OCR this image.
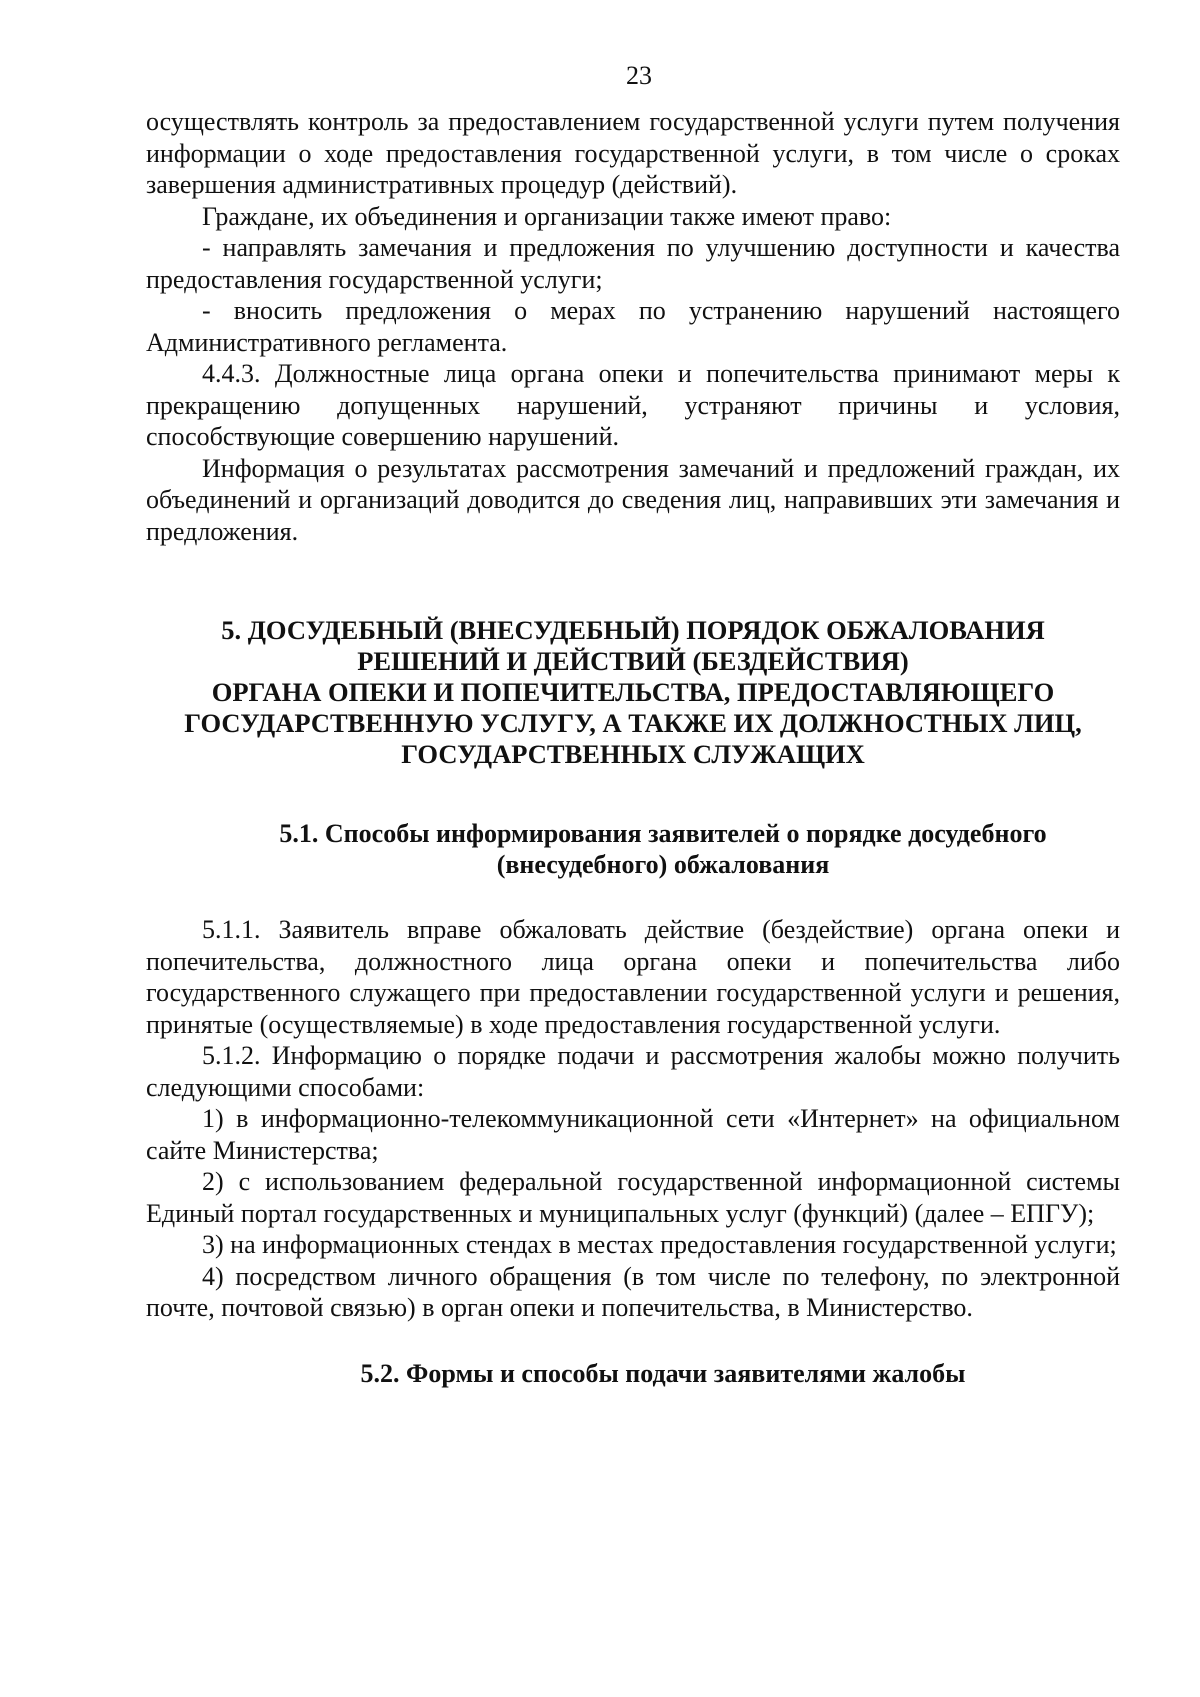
23

осуществлять контроль за предоставлением государственной услуги путем получения информации о ходе предоставления государственной услуги, в том числе о сроках завершения административных процедур (действий).

Граждане, их объединения и организации также имеют право:

- направлять замечания и предложения по улучшению доступности и качества предоставления государственной услуги;

- вносить предложения о мерах по устранению нарушений настоящего Административного регламента.

4.4.3. Должностные лица органа опеки и попечительства принимают меры к прекращению допущенных нарушений, устраняют причины и условия, способствующие совершению нарушений.

Информация о результатах рассмотрения замечаний и предложений граждан, их объединений и организаций доводится до сведения лиц, направивших эти замечания и предложения.

5. ДОСУДЕБНЫЙ (ВНЕСУДЕБНЫЙ) ПОРЯДОК ОБЖАЛОВАНИЯ

РЕШЕНИЙ И ДЕЙСТВИЙ (БЕЗДЕЙСТВИЯ)

ОРГАНА ОПЕКИ И ПОПЕЧИТЕЛЬСТВА, ПРЕДОСТАВЛЯЮЩЕГО

ГОСУДАРСТВЕННУЮ УСЛУГУ, А ТАКЖЕ ИХ ДОЛЖНОСТНЫХ ЛИЦ,

ГОСУДАРСТВЕННЫХ СЛУЖАЩИХ

5.1. Способы информирования заявителей о порядке досудебного

(внесудебного) обжалования

5.1.1. Заявитель вправе обжаловать действие (бездействие) органа опеки и попечительства, должностного лица органа опеки и попечительства либо государственного служащего при предоставлении государственной услуги и решения, принятые (осуществляемые) в ходе предоставления государственной услуги.

5.1.2. Информацию о порядке подачи и рассмотрения жалобы можно получить следующими способами:

1) в информационно-телекоммуникационной сети «Интернет» на официальном сайте Министерства;

2) с использованием федеральной государственной информационной системы Единый портал государственных и муниципальных услуг (функций) (далее – ЕПГУ);

3) на информационных стендах в местах предоставления государственной услуги;

4) посредством личного обращения (в том числе по телефону, по электронной почте, почтовой связью) в орган опеки и попечительства, в Министерство.

5.2. Формы и способы подачи заявителями жалобы
